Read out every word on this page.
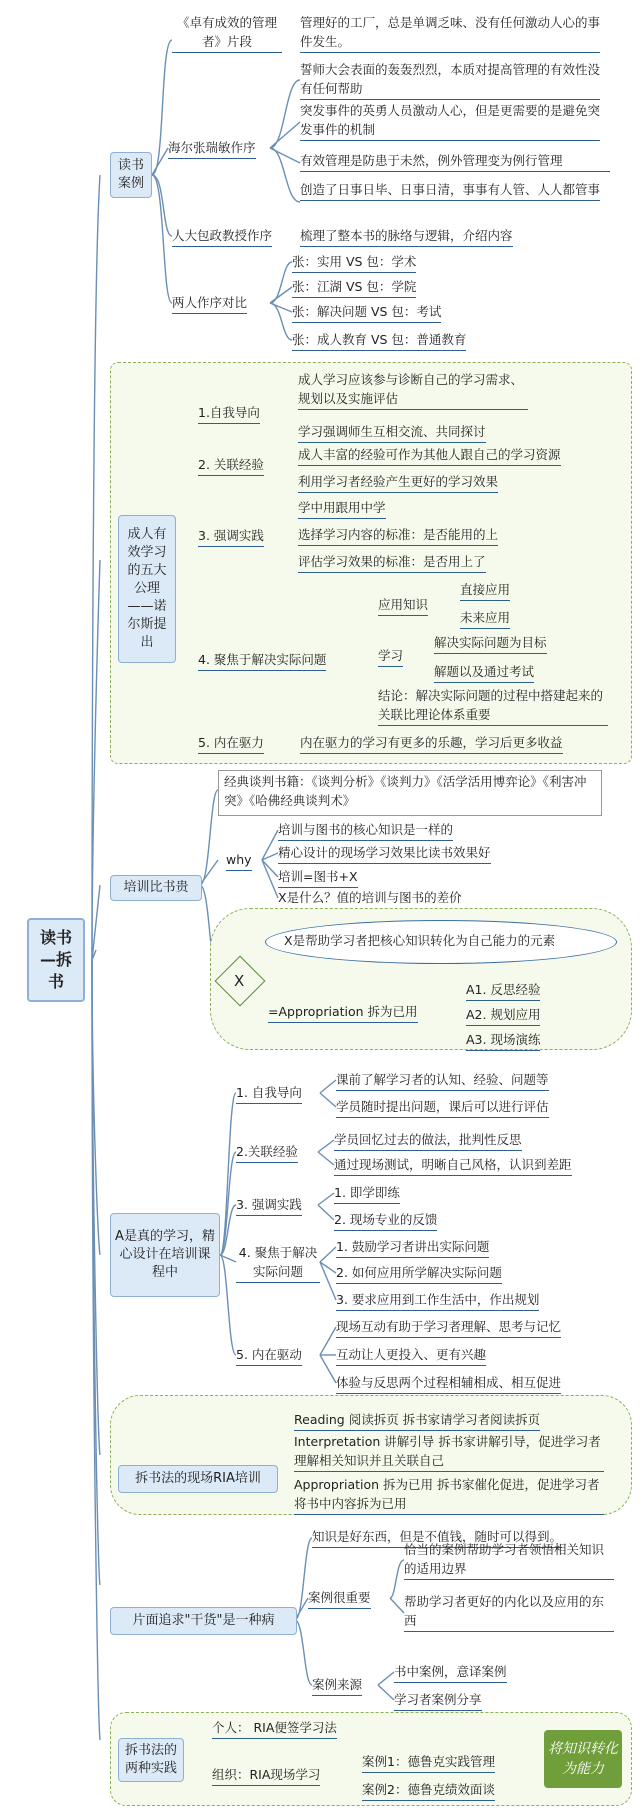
读书—拆书
读书案例
《卓有成效的管理者》片段
管理好的工厂，总是单调乏味、没有任何激动人心的事件发生。
海尔张瑞敏作序
誓师大会表面的轰轰烈烈，本质对提高管理的有效性没有任何帮助
突发事件的英勇人员激动人心，但是更需要的是避免突发事件的机制
有效管理是防患于未然，例外管理变为例行管理
创造了日事日毕、日事日清，事事有人管、人人都管事
人大包政教授作序 梳理了整本书的脉络与逻辑，介绍内容
两人作序对比
张：实用 VS 包：学术
张：江湖 VS 包：学院
张：解决问题 VS 包：考试
张：成人教育 VS 包：普通教育
成人有效学习的五大公理——诺尔斯提出
1.自我导向
成人学习应该参与诊断自己的学习需求、规划以及实施评估
学习强调师生互相交流、共同探讨
2. 关联经验
成人丰富的经验可作为其他人跟自己的学习资源
利用学习者经验产生更好的学习效果
3. 强调实践
学中用跟用中学
选择学习内容的标准：是否能用的上
评估学习效果的标准：是否用上了
4. 聚焦于解决实际问题
应用知识
直接应用
未来应用
学习
解决实际问题为目标
解题以及通过考试
结论：解决实际问题的过程中搭建起来的关联比理论体系重要
5. 内在驱力	内在驱力的学习有更多的乐趣，学习后更多收益
培训比书贵
经典谈判书籍：《谈判分析》《谈判力》《活学活用博弈论》《利害冲突》《哈佛经典谈判术》
why
培训与图书的核心知识是一样的
精心设计的现场学习效果比读书效果好
培训=图书+X
X是什么？值的培训与图书的差价
X
X是帮助学习者把核心知识转化为自己能力的元素
=Appropriation 拆为已用
A1. 反思经验
A2. 规划应用
A3. 现场演练
A是真的学习，精心设计在培训课程中
1. 自我导向
课前了解学习者的认知、经验、问题等
学员随时提出问题，课后可以进行评估
2.关联经验
学员回忆过去的做法，批判性反思
通过现场测试，明晰自己风格，认识到差距
3. 强调实践
1. 即学即练
2. 现场专业的反馈
4. 聚焦于解决实际问题
1. 鼓励学习者讲出实际问题
2. 如何应用所学解决实际问题
3. 要求应用到工作生活中，作出规划
5. 内在驱动
现场互动有助于学习者理解、思考与记忆
互动让人更投入、更有兴趣
体验与反思两个过程相辅相成、相互促进
拆书法的现场RIA培训
Reading 阅读拆页 拆书家请学习者阅读拆页
Interpretation 讲解引导 拆书家讲解引导，促进学习者理解相关知识并且关联自己
Appropriation 拆为已用 拆书家催化促进，促进学习者将书中内容拆为已用
片面追求"干货"是一种病
知识是好东西，但是不值钱，随时可以得到。
案例很重要
恰当的案例帮助学习者领悟相关知识的适用边界
帮助学习者更好的内化以及应用的东西
案例来源
书中案例，意译案例
学习者案例分享
拆书法的两种实践
个人： RIA便签学习法
组织：RIA现场学习
案例1：德鲁克实践管理
案例2：德鲁克绩效面谈
将知识转化为能力
